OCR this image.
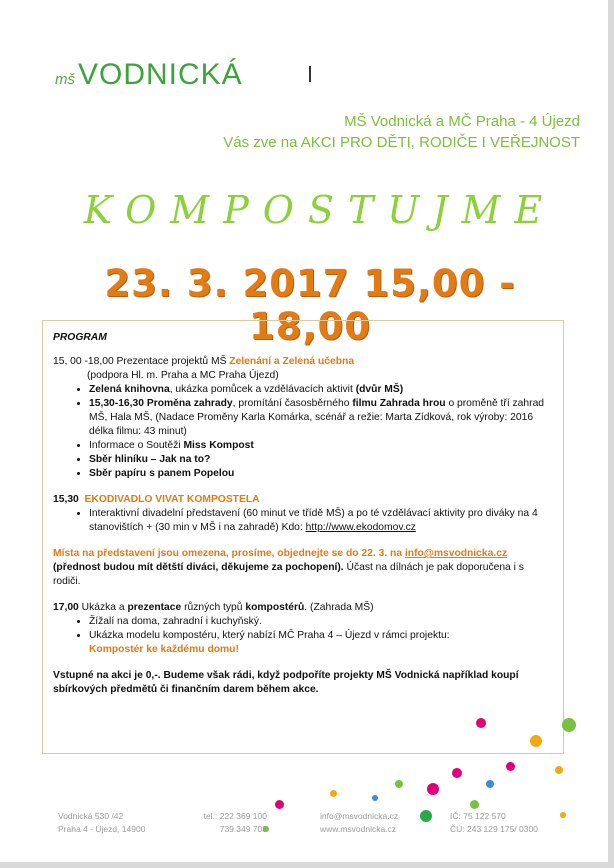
mš VODNICKÁ
MŠ Vodnická a MČ Praha - 4 Újezd
Vás zve na AKCI PRO DĚTI, RODIČE I VEŘEJNOST
KOMPOSTUJME
23. 3. 2017 15,00 - 18,00
PROGRAM

15, 00 -18,00 Prezentace projektů MŠ Zelenání a Zelená učebna

(podpora Hl. m. Praha a MC Praha Újezd)

• Zelená knihovna, ukázka pomůcek a vzdělávacích aktivit (dvůr MŠ)
• 15,30-16,30 Proměna zahrady, promítání časosběrného filmu Zahrada hrou o proměně tří zahrad MŠ, Hala MŠ, (Nadace Proměny Karla Komárka, scénář a režie: Marta Zídková, rok výroby: 2016 délka filmu: 43 minut)
• Informace o Soutěži Miss Kompost
• Sběr hliníku – Jak na to?
• Sběr papíru s panem Popelou

15,30 EKODIVADLO VIVAT KOMPOSTELA

• Interaktivní divadelní představení (60 minut ve třídě MŠ) a po té vzdělávací aktivity pro diváky na 4 stanovištích + (30 min v MŠ i na zahradě) Kdo: http://www.ekodomov.cz

Místa na představení jsou omezena, prosíme, objednejte se do 22. 3. na info@msvodnicka.cz (přednost budou mít dětští diváci, děkujeme za pochopení). Účast na dílnách je pak doporučena i s rodiči.

17,00 Ukázka a prezentace různých typů kompostérů. (Zahrada MŠ)

• Žížalí na doma, zahradní i kuchyňský.
• Ukázka modelu kompostéru, který nabízí MČ Praha 4 – Újezd v rámci projektu:
Kompostér ke každému domu!

Vstupné na akci je 0,-. Budeme však rádi, když podpoříte projekty MŠ Vodnická například koupí sbírkových předmětů či finančním darem během akce.

Vodnická 530 /42
Praha 4 - Újezd, 14900
tel.: 222 369 100
739 349 708
info@msvodnicka.cz
www.msvodnicka.cz
IČ: 75 122 570
ČÚ: 243 129 175/ 0300
